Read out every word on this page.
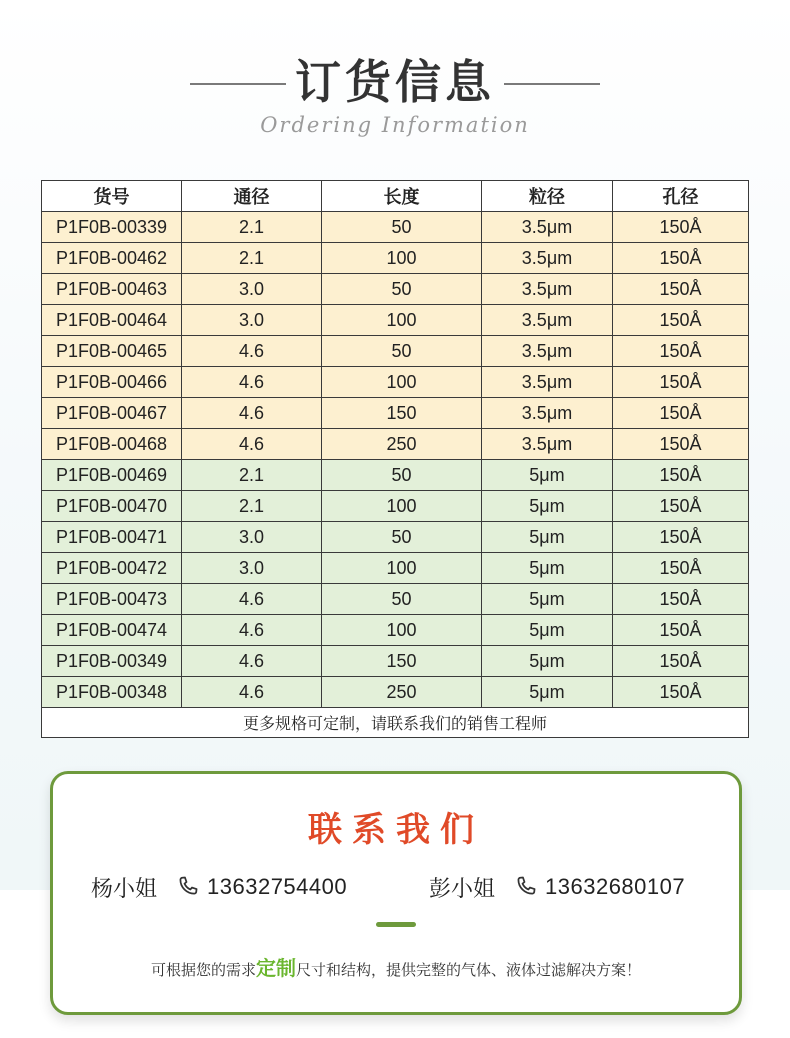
订货信息
Ordering Information
货号	通径	长度	粒径	孔径
P1F0B-00339	2.1	50	3.5μm	150Å
P1F0B-00462	2.1	100	3.5μm	150Å
P1F0B-00463	3.0	50	3.5μm	150Å
P1F0B-00464	3.0	100	3.5μm	150Å
P1F0B-00465	4.6	50	3.5μm	150Å
P1F0B-00466	4.6	100	3.5μm	150Å
P1F0B-00467	4.6	150	3.5μm	150Å
P1F0B-00468	4.6	250	3.5μm	150Å
P1F0B-00469	2.1	50	5μm	150Å
P1F0B-00470	2.1	100	5μm	150Å
P1F0B-00471	3.0	50	5μm	150Å
P1F0B-00472	3.0	100	5μm	150Å
P1F0B-00473	4.6	50	5μm	150Å
P1F0B-00474	4.6	100	5μm	150Å
P1F0B-00349	4.6	150	5μm	150Å
P1F0B-00348	4.6	250	5μm	150Å
更多规格可定制，请联系我们的销售工程师				
联系我们
杨小姐 13632754400	彭小姐 13632680107
可根据您的需求定制尺寸和结构，提供完整的气体、液体过滤解决方案！
